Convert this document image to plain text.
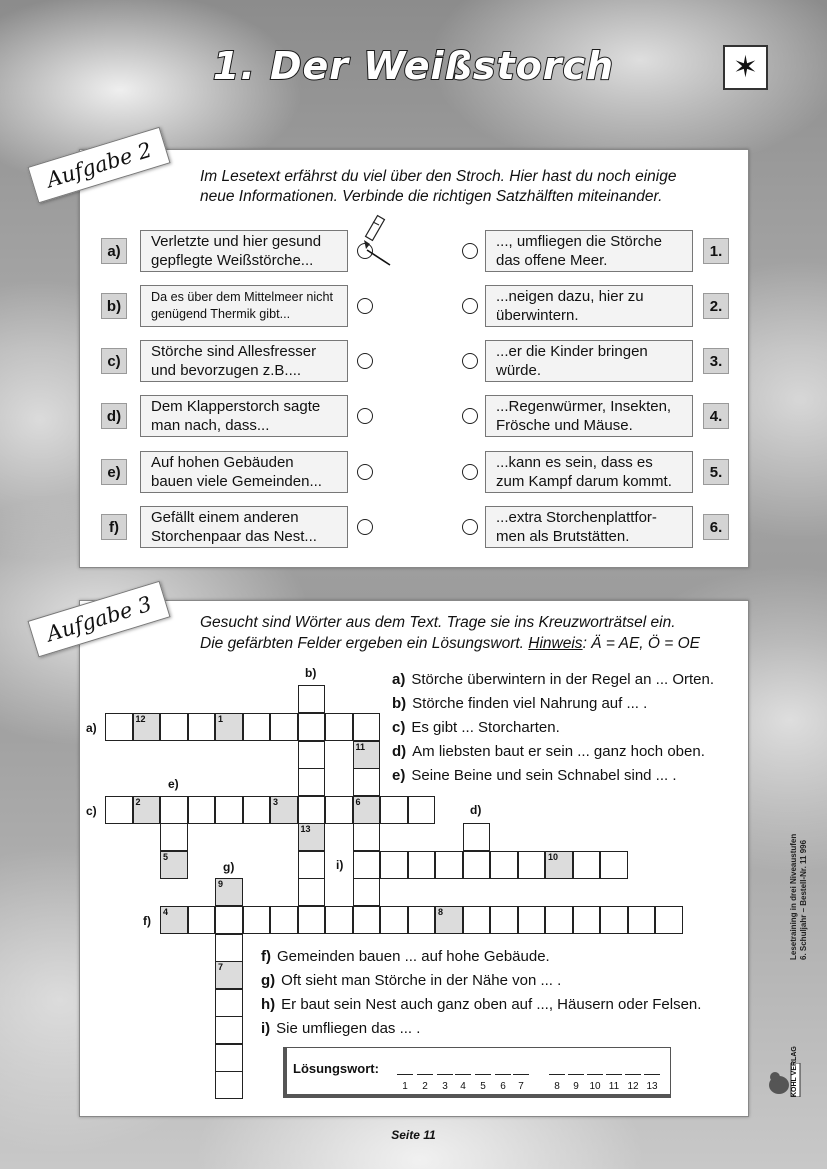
1. Der Weißstorch	✶
Aufgabe 2	Im Lesetext erfährst du viel über den Stroch. Hier hast du noch einige
neue Informationen. Verbinde die richtigen Satzhälften miteinander.
a)
Verletzte und hier gesund gepflegte Weißstörche...
..., umfliegen die Störche das offene Meer.
1.
b)
Da es über dem Mittelmeer nicht genügend Thermik gibt...
...neigen dazu, hier zu überwintern.
2.
c)
Störche sind Allesfresser und bevorzugen z.B....
...er die Kinder bringen würde.
3.
d)
Dem Klapperstorch sagte man nach, dass...
...Regenwürmer, Insekten, Frösche und Mäuse.
4.
e)
Auf hohen Gebäuden bauen viele Gemeinden...
...kann es sein, dass es zum Kampf darum kommt.
5.
f)
Gefällt einem anderen Storchenpaar das Nest...
...extra Storchenplattfor-men als Brutstätten.
6.
Aufgabe 3	Gesucht sind Wörter aus dem Text. Trage sie ins Kreuzworträtsel ein.
Die gefärbten Felder ergeben ein Lösungswort. Hinweis: Ä = AE, Ö = OE
a) Störche überwintern in der Regel an ... Orten.
b) Störche finden viel Nahrung auf ... .
c) Es gibt ... Storcharten.
d) Am liebsten baut er sein ... ganz hoch oben.
e) Seine Beine und sein Schnabel sind ... .
f) Gemeinden bauen ... auf hohe Gebäude.
g) Oft sieht man Störche in der Nähe von ... .
h) Er baut sein Nest auch ganz oben auf ..., Häusern oder Felsen.
i) Sie umfliegen das ... .
a)
b)
c)	d)
e)
f)
g)	i)
12	1
13
11
2	3	6
5	10
4	8
9
7
Lösungswort:
1	2	3	4	5	6	7	8	9	10 11 12 13
Seite 11
Lesetraining in drei Niveaustufen 6. Schuljahr – Bestell-Nr. 11 996
KOHL VERLAG
